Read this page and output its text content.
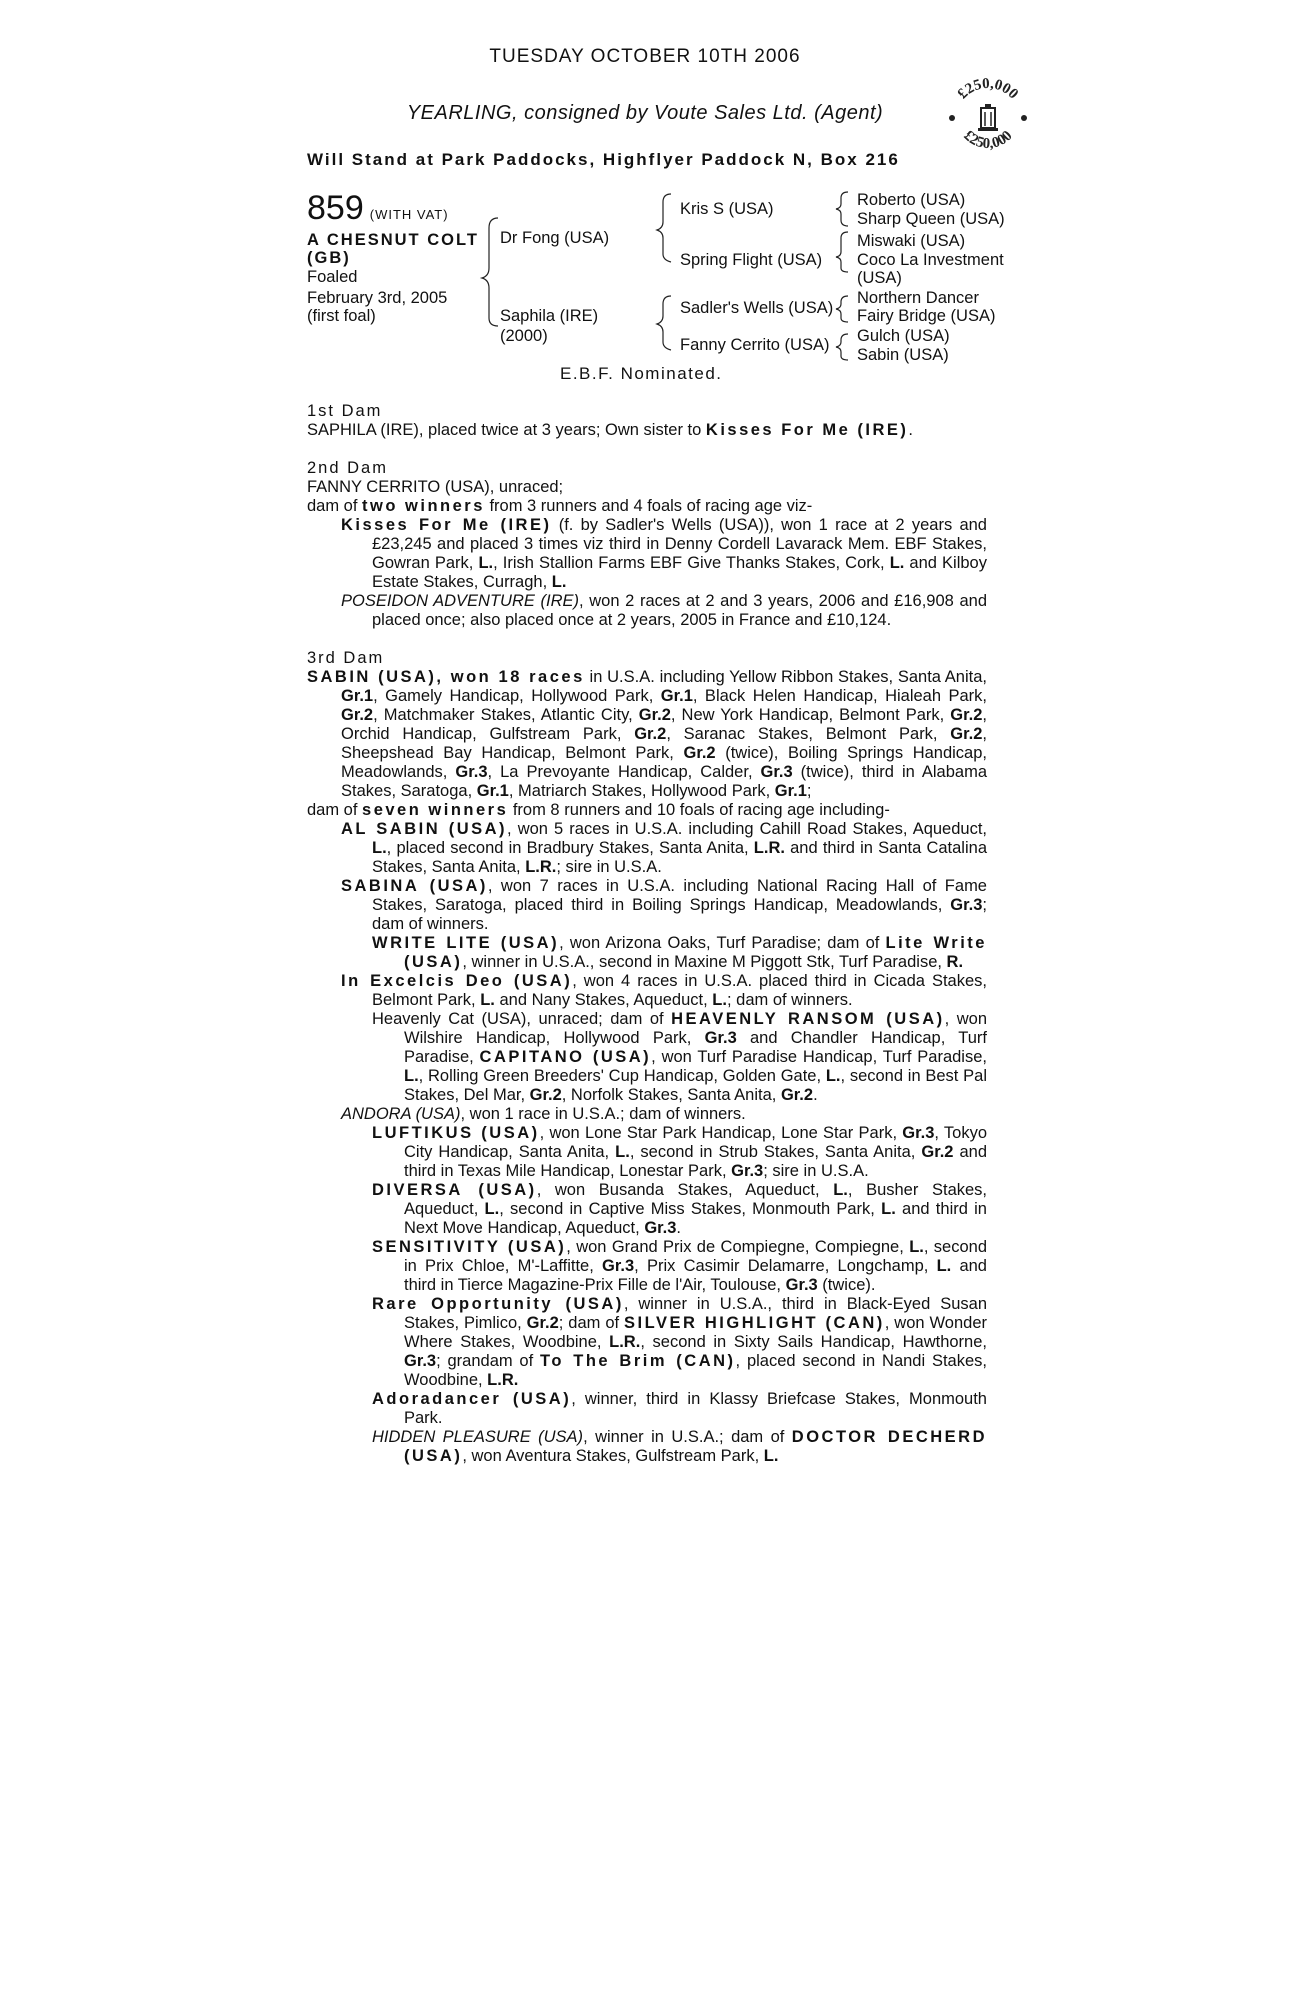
TUESDAY OCTOBER 10TH 2006
YEARLING, consigned by Voute Sales Ltd. (Agent)
Will Stand at Park Paddocks, Highflyer Paddock N, Box 216
£250,000
£250,000
859 (WITH VAT)
A CHESNUT COLT
(GB)
Foaled
February 3rd, 2005
(first foal)
Dr Fong (USA)
Saphila (IRE)
(2000)
Kris S (USA)
Spring Flight (USA)
Sadler's Wells (USA)
Fanny Cerrito (USA)
Roberto (USA)
Sharp Queen (USA)
Miswaki (USA)
Coco La Investment
(USA)
Northern Dancer
Fairy Bridge (USA)
Gulch (USA)
Sabin (USA)
E.B.F. Nominated.

1st Dam

SAPHILA (IRE), placed twice at 3 years; Own sister to Kisses For Me (IRE).

2nd Dam

FANNY CERRITO (USA), unraced;

dam of two winners from 3 runners and 4 foals of racing age viz-

Kisses For Me (IRE) (f. by Sadler's Wells (USA)), won 1 race at 2 years and £23,245 and placed 3 times viz third in Denny Cordell Lavarack Mem. EBF Stakes, Gowran Park, L., Irish Stallion Farms EBF Give Thanks Stakes, Cork, L. and Kilboy Estate Stakes, Curragh, L.

POSEIDON ADVENTURE (IRE), won 2 races at 2 and 3 years, 2006 and £16,908 and placed once; also placed once at 2 years, 2005 in France and £10,124.

3rd Dam

SABIN (USA), won 18 races in U.S.A. including Yellow Ribbon Stakes, Santa Anita, Gr.1, Gamely Handicap, Hollywood Park, Gr.1, Black Helen Handicap, Hialeah Park, Gr.2, Matchmaker Stakes, Atlantic City, Gr.2, New York Handicap, Belmont Park, Gr.2, Orchid Handicap, Gulfstream Park, Gr.2, Saranac Stakes, Belmont Park, Gr.2, Sheepshead Bay Handicap, Belmont Park, Gr.2 (twice), Boiling Springs Handicap, Meadowlands, Gr.3, La Prevoyante Handicap, Calder, Gr.3 (twice), third in Alabama Stakes, Saratoga, Gr.1, Matriarch Stakes, Hollywood Park, Gr.1;

dam of seven winners from 8 runners and 10 foals of racing age including-

AL SABIN (USA), won 5 races in U.S.A. including Cahill Road Stakes, Aqueduct, L., placed second in Bradbury Stakes, Santa Anita, L.R. and third in Santa Catalina Stakes, Santa Anita, L.R.; sire in U.S.A.

SABINA (USA), won 7 races in U.S.A. including National Racing Hall of Fame Stakes, Saratoga, placed third in Boiling Springs Handicap, Meadowlands, Gr.3; dam of winners.

WRITE LITE (USA), won Arizona Oaks, Turf Paradise; dam of Lite Write (USA), winner in U.S.A., second in Maxine M Piggott Stk, Turf Paradise, R.

In Excelcis Deo (USA), won 4 races in U.S.A. placed third in Cicada Stakes, Belmont Park, L. and Nany Stakes, Aqueduct, L.; dam of winners.

Heavenly Cat (USA), unraced; dam of HEAVENLY RANSOM (USA), won Wilshire Handicap, Hollywood Park, Gr.3 and Chandler Handicap, Turf Paradise, CAPITANO (USA), won Turf Paradise Handicap, Turf Paradise, L., Rolling Green Breeders' Cup Handicap, Golden Gate, L., second in Best Pal Stakes, Del Mar, Gr.2, Norfolk Stakes, Santa Anita, Gr.2.

ANDORA (USA), won 1 race in U.S.A.; dam of winners.

LUFTIKUS (USA), won Lone Star Park Handicap, Lone Star Park, Gr.3, Tokyo City Handicap, Santa Anita, L., second in Strub Stakes, Santa Anita, Gr.2 and third in Texas Mile Handicap, Lonestar Park, Gr.3; sire in U.S.A.

DIVERSA (USA), won Busanda Stakes, Aqueduct, L., Busher Stakes, Aqueduct, L., second in Captive Miss Stakes, Monmouth Park, L. and third in Next Move Handicap, Aqueduct, Gr.3.

SENSITIVITY (USA), won Grand Prix de Compiegne, Compiegne, L., second in Prix Chloe, M'-Laffitte, Gr.3, Prix Casimir Delamarre, Longchamp, L. and third in Tierce Magazine-Prix Fille de l'Air, Toulouse, Gr.3 (twice).

Rare Opportunity (USA), winner in U.S.A., third in Black-Eyed Susan Stakes, Pimlico, Gr.2; dam of SILVER HIGHLIGHT (CAN), won Wonder Where Stakes, Woodbine, L.R., second in Sixty Sails Handicap, Hawthorne, Gr.3; grandam of To The Brim (CAN), placed second in Nandi Stakes, Woodbine, L.R.

Adoradancer (USA), winner, third in Klassy Briefcase Stakes, Monmouth Park.

HIDDEN PLEASURE (USA), winner in U.S.A.; dam of DOCTOR DECHERD (USA), won Aventura Stakes, Gulfstream Park, L.
